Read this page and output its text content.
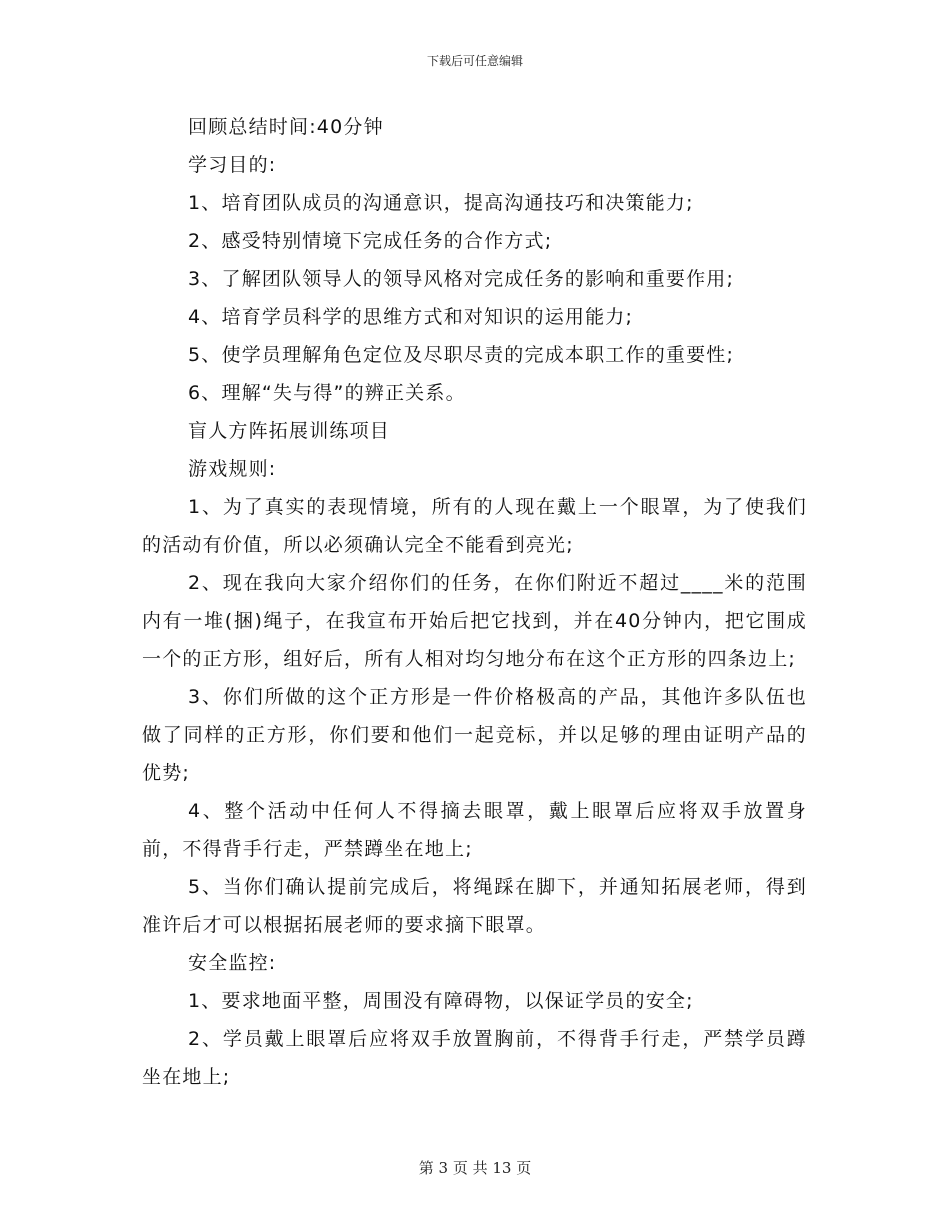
下载后可任意编辑

回顾总结时间:40分钟

学习目的:

1、培育团队成员的沟通意识，提高沟通技巧和决策能力;

2、感受特别情境下完成任务的合作方式;

3、了解团队领导人的领导风格对完成任务的影响和重要作用;

4、培育学员科学的思维方式和对知识的运用能力;

5、使学员理解角色定位及尽职尽责的完成本职工作的重要性;

6、理解“失与得”的辨正关系。

盲人方阵拓展训练项目

游戏规则:

1、为了真实的表现情境，所有的人现在戴上一个眼罩，为了使我们的活动有价值，所以必须确认完全不能看到亮光;

2、现在我向大家介绍你们的任务，在你们附近不超过____米的范围内有一堆(捆)绳子，在我宣布开始后把它找到，并在40分钟内，把它围成一个的正方形，组好后，所有人相对均匀地分布在这个正方形的四条边上;

3、你们所做的这个正方形是一件价格极高的产品，其他许多队伍也做了同样的正方形，你们要和他们一起竞标，并以足够的理由证明产品的优势;

4、整个活动中任何人不得摘去眼罩，戴上眼罩后应将双手放置身前，不得背手行走，严禁蹲坐在地上;

5、当你们确认提前完成后，将绳踩在脚下，并通知拓展老师，得到准许后才可以根据拓展老师的要求摘下眼罩。

安全监控:

1、要求地面平整，周围没有障碍物，以保证学员的安全;

2、学员戴上眼罩后应将双手放置胸前，不得背手行走，严禁学员蹲坐在地上;

第 3 页 共 13 页
